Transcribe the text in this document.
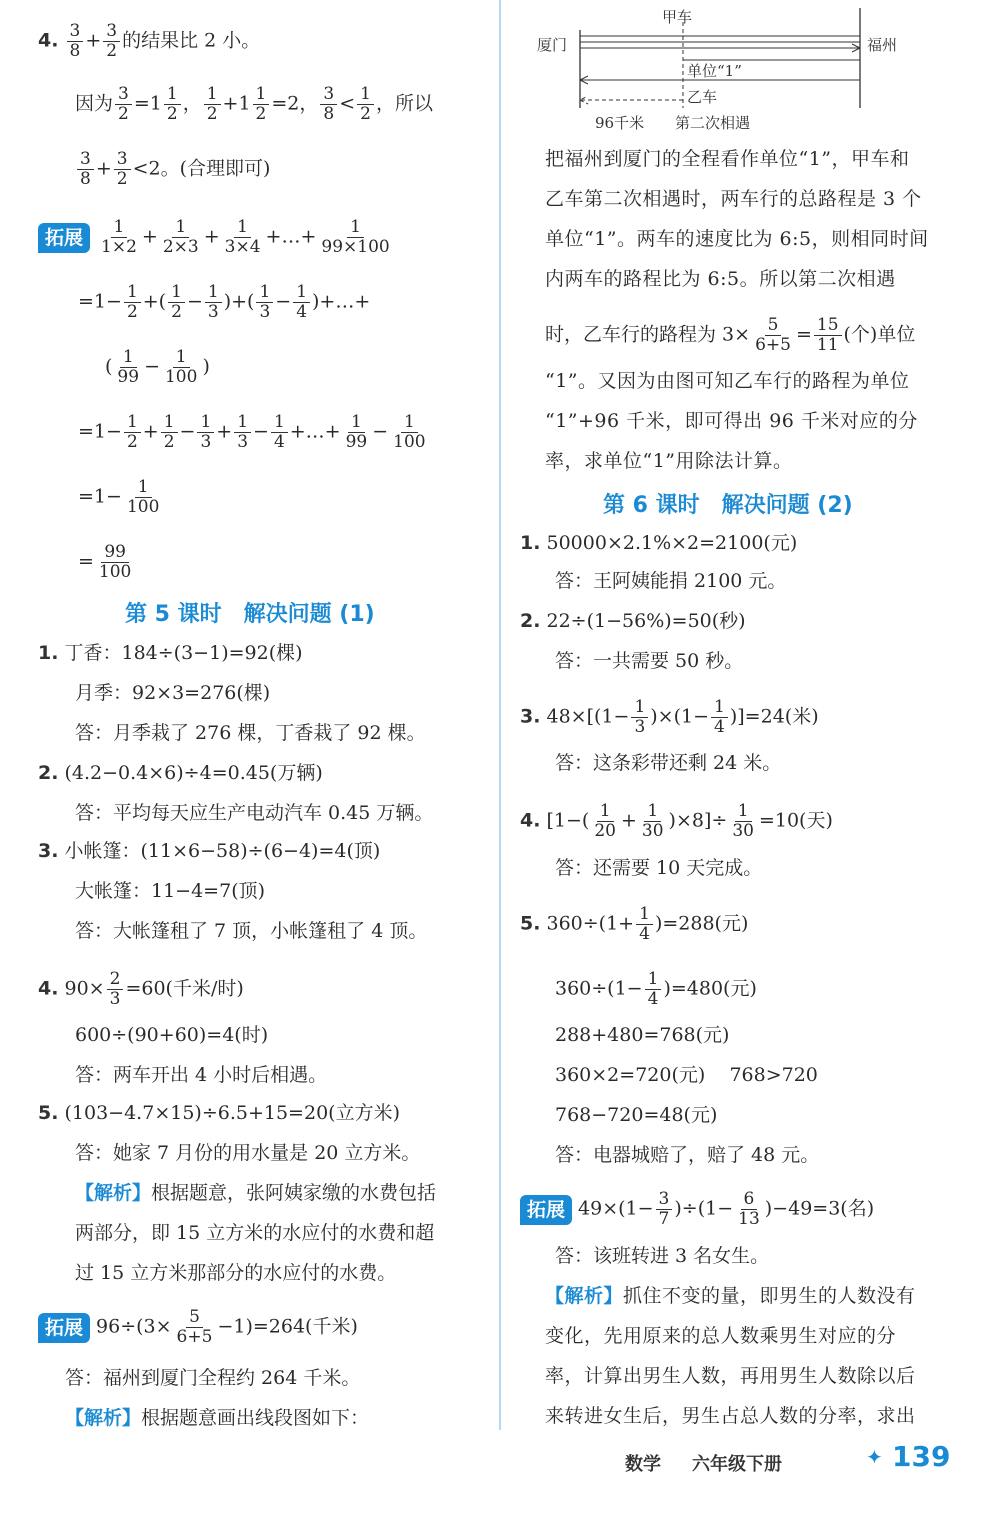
4. $\frac{3}{8} + \frac{3}{2}$ 的结果比 2 小。
因为 $\frac{3}{2} =1 \frac{1}{2}$ ， $\frac{1}{2} +1 \frac{1}{2} =2$， $\frac{3}{8} < \frac{1}{2}$ ，所以
$\frac{3}{8} + \frac{3}{2} <2$。(合理即可)
拓展 $\frac{1}{1\times 2} + \frac{1}{2\times 3} + \frac{1}{3\times 4}$ +…+ $\frac{1}{99\times 100}$
$=1- \frac{1}{2}$ +( $\frac{1}{2} - \frac{1}{3}$ )+( $\frac{1}{3} - \frac{1}{4}$ )+…+
( $\frac{1}{99} - \frac{1}{100}$ )
$=1- \frac{1}{2} + \frac{1}{2} - \frac{1}{3} + \frac{1}{3} - \frac{1}{4}$ +…+ $\frac{1}{99} - \frac{1}{100}$
$=1- \frac{1}{100}$
= $\frac{99}{100}$
第 5 课时 解决问题 (1)
1. 丁香：184÷(3−1)=92(棵)
月季：92×3=276(棵)
答：月季栽了 276 棵，丁香栽了 92 棵。
2. (4.2−0.4×6)÷4=0.45(万辆)
答：平均每天应生产电动汽车 0.45 万辆。
3. 小帐篷：(11×6−58)÷(6−4)=4(顶)
大帐篷：11−4=7(顶)
答：大帐篷租了 7 顶，小帐篷租了 4 顶。
4. $90\times \frac{2}{3} =60$(千米/时)
600÷(90+60)=4(时)
答：两车开出 4 小时后相遇。
5. (103−4.7×15)÷6.5+15=20(立方米)
答：她家 7 月份的用水量是 20 立方米。
【解析】根据题意，张阿姨家缴的水费包括
两部分，即 15 立方米的水应付的水费和超
过 15 立方米那部分的水应付的水费。
拓展 $96\div(3\times \frac{5}{6+5} -1)=264$(千米)
答：福州到厦门全程约 264 千米。
【解析】根据题意画出线段图如下：
甲车
厦门	福州
单位“1”
乙车
96千米 第二次相遇
把福州到厦门的全程看作单位“1”，甲车和
乙车第二次相遇时，两车行的总路程是 3 个
单位“1”。两车的速度比为 6:5，则相同时间
内两车的路程比为 6:5。所以第二次相遇
时，乙车行的路程为 $3\times \frac{5}{6+5} = \frac{15}{11}$ (个)单位
“1”。又因为由图可知乙车行的路程为单位
“1”+96 千米，即可得出 96 千米对应的分
率，求单位“1”用除法计算。
第 6 课时 解决问题 (2)
1. 50000×2.1%×2=2100(元)
答：王阿姨能捐 2100 元。
2. 22÷(1−56%)=50(秒)
答：一共需要 50 秒。
3. $48\times[(1- \frac{1}{3} )\times(1- \frac{1}{4} )]=24$(米)
答：这条彩带还剩 24 米。
4. $[1-( \frac{1}{20} + \frac{1}{30} )\times 8]\div \frac{1}{30} =10$(天)
答：还需要 10 天完成。
5. $360\div(1+ \frac{1}{4} )=288$(元)
$360\div(1- \frac{1}{4} )=480$(元)
288+480=768(元)
360×2=720(元)    768>720
768−720=48(元)
答：电器城赔了，赔了 48 元。
拓展 $49\times(1- \frac{3}{7} )\div(1- \frac{6}{13} )-49=3$(名)
答：该班转进 3 名女生。
【解析】抓住不变的量，即男生的人数没有
变化，先用原来的总人数乘男生对应的分
率，计算出男生人数，再用男生人数除以后
来转进女生后，男生占总人数的分率，求出
数学 六年级下册	✦ 139
